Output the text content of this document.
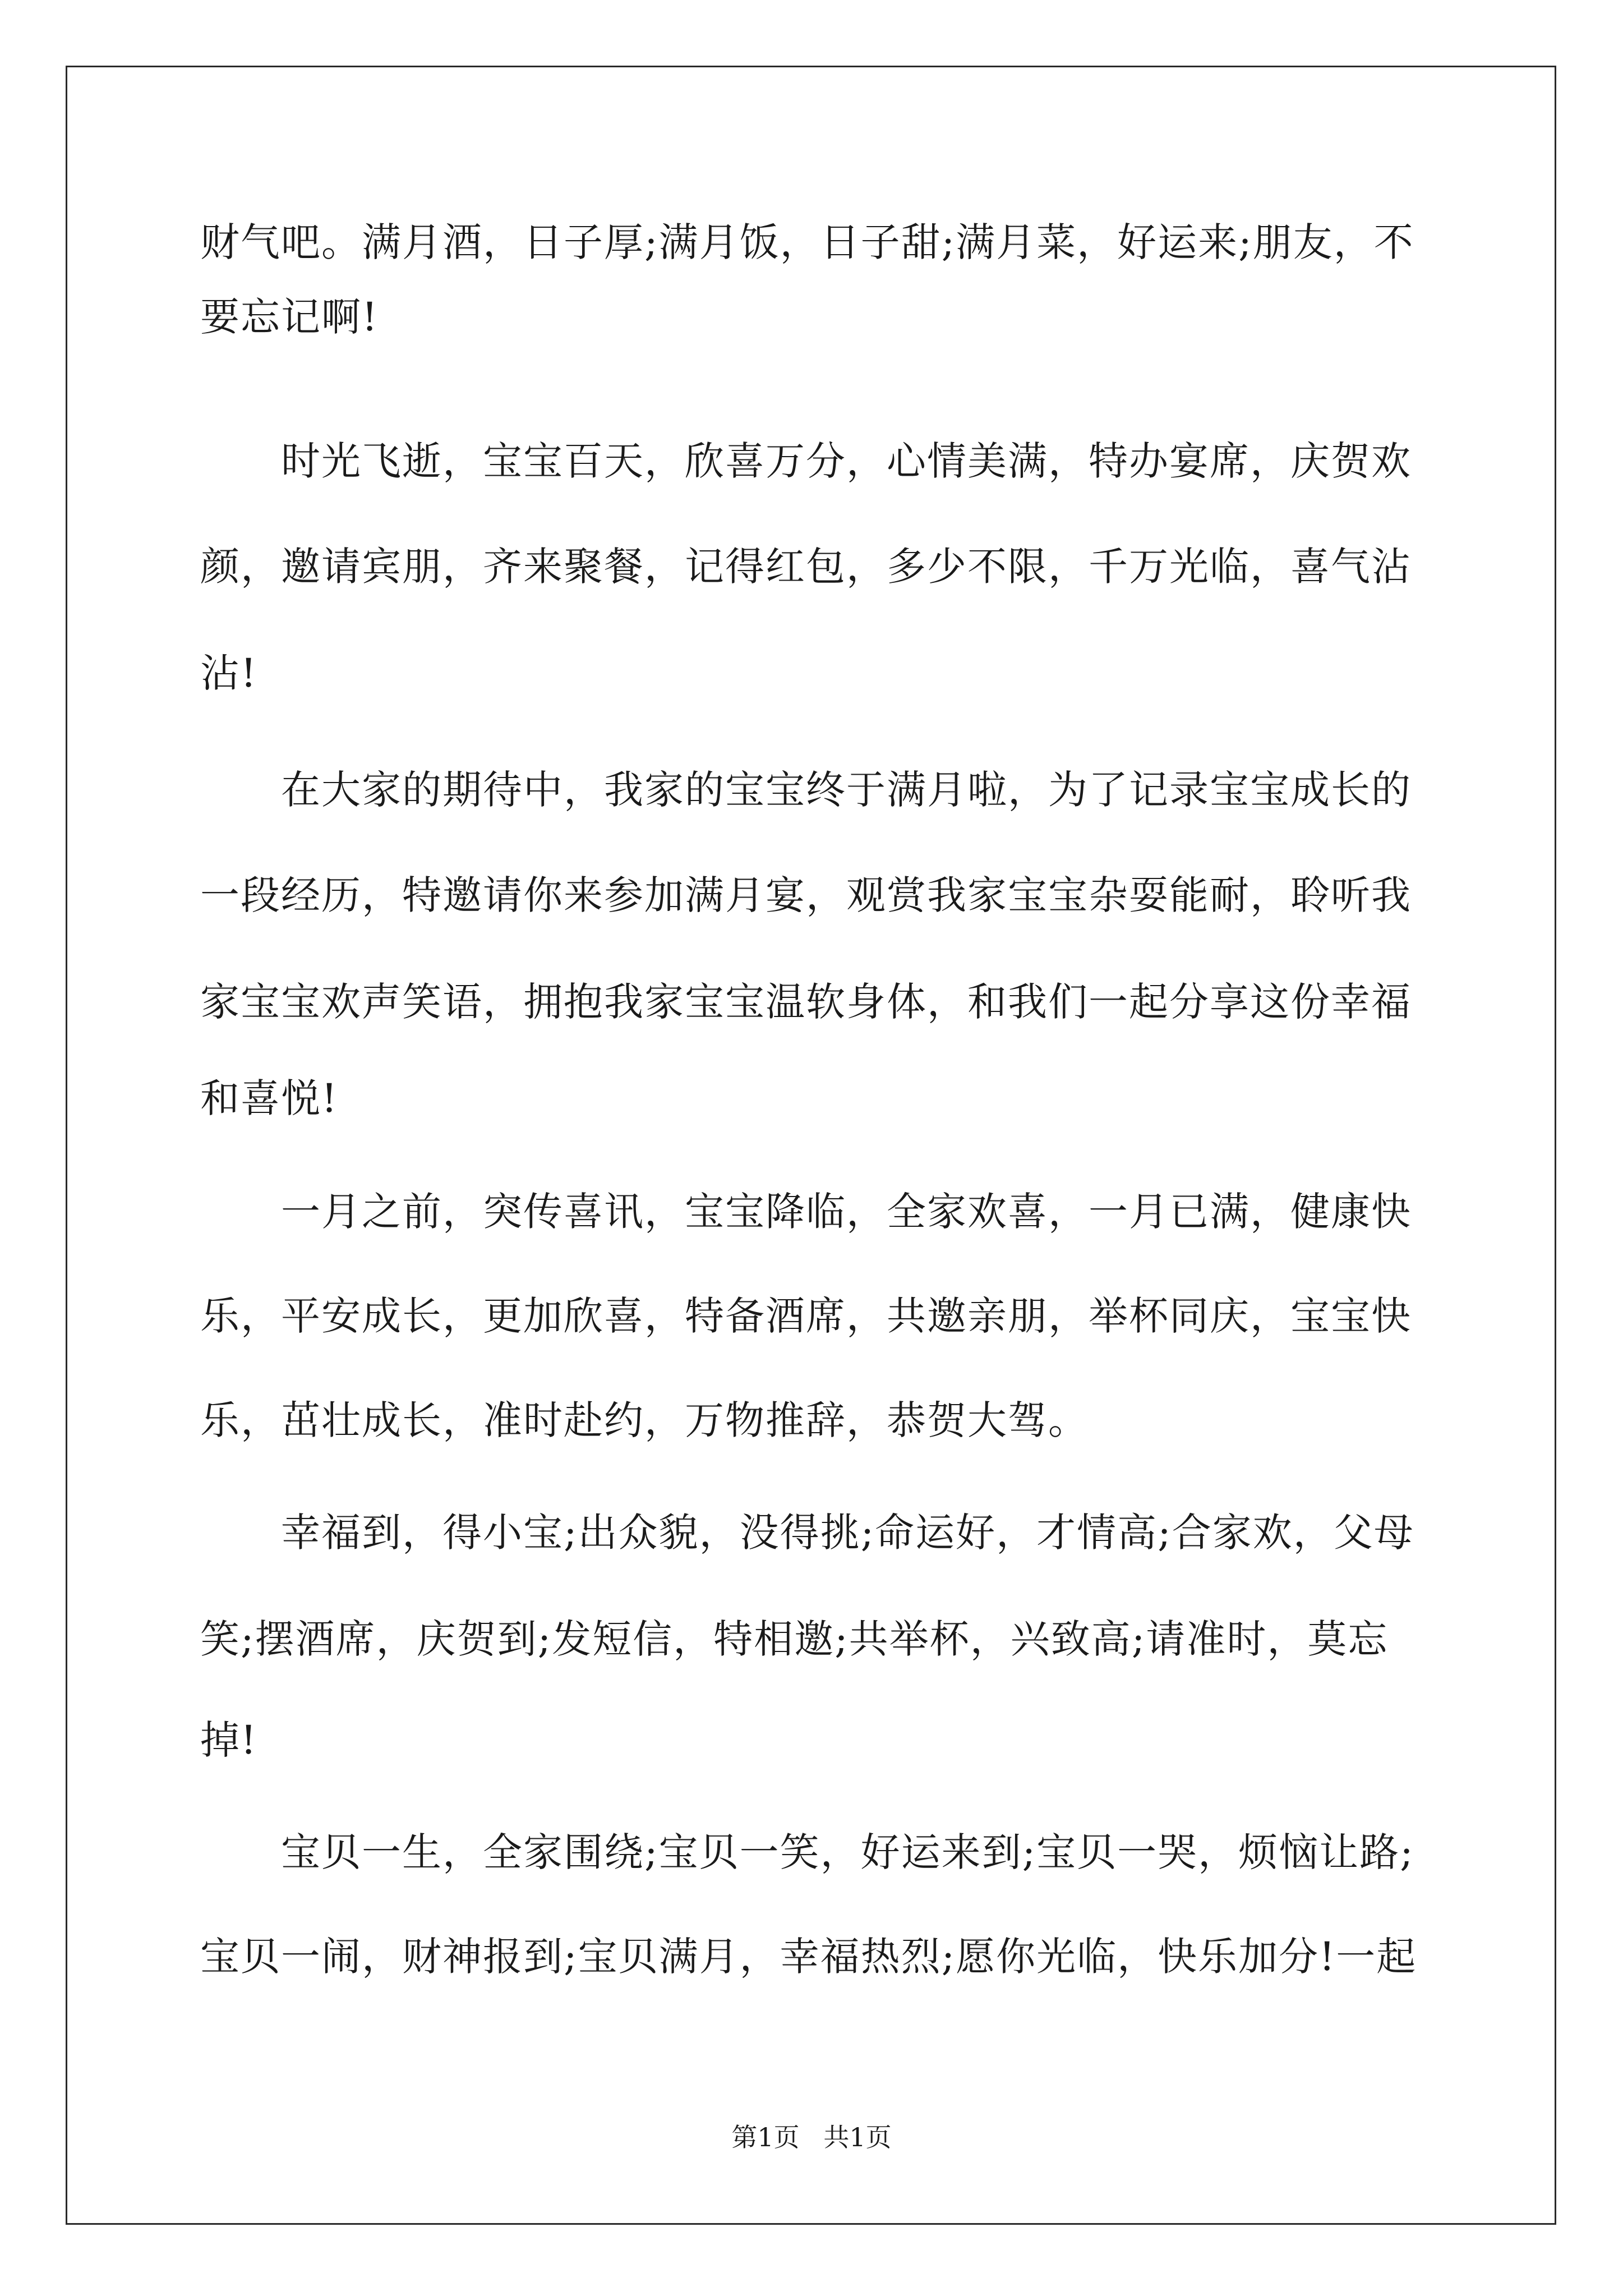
财气吧。满月酒，日子厚;满月饭，日子甜;满月菜，好运来;朋友，不
要忘记啊!
　　时光飞逝，宝宝百天，欣喜万分，心情美满，特办宴席，庆贺欢
颜，邀请宾朋，齐来聚餐，记得红包，多少不限，千万光临，喜气沾
沾!
　　在大家的期待中，我家的宝宝终于满月啦，为了记录宝宝成长的
一段经历，特邀请你来参加满月宴，观赏我家宝宝杂耍能耐，聆听我
家宝宝欢声笑语，拥抱我家宝宝温软身体，和我们一起分享这份幸福
和喜悦!
　　一月之前，突传喜讯，宝宝降临，全家欢喜，一月已满，健康快
乐，平安成长，更加欣喜，特备酒席，共邀亲朋，举杯同庆，宝宝快
乐，茁壮成长，准时赴约，万物推辞，恭贺大驾。
　　幸福到，得小宝;出众貌，没得挑;命运好，才情高;合家欢，父母
笑;摆酒席，庆贺到;发短信，特相邀;共举杯，兴致高;请准时，莫忘
掉!
　　宝贝一生，全家围绕;宝贝一笑，好运来到;宝贝一哭，烦恼让路;
宝贝一闹，财神报到;宝贝满月，幸福热烈;愿你光临，快乐加分!一起
第1页 共1页
